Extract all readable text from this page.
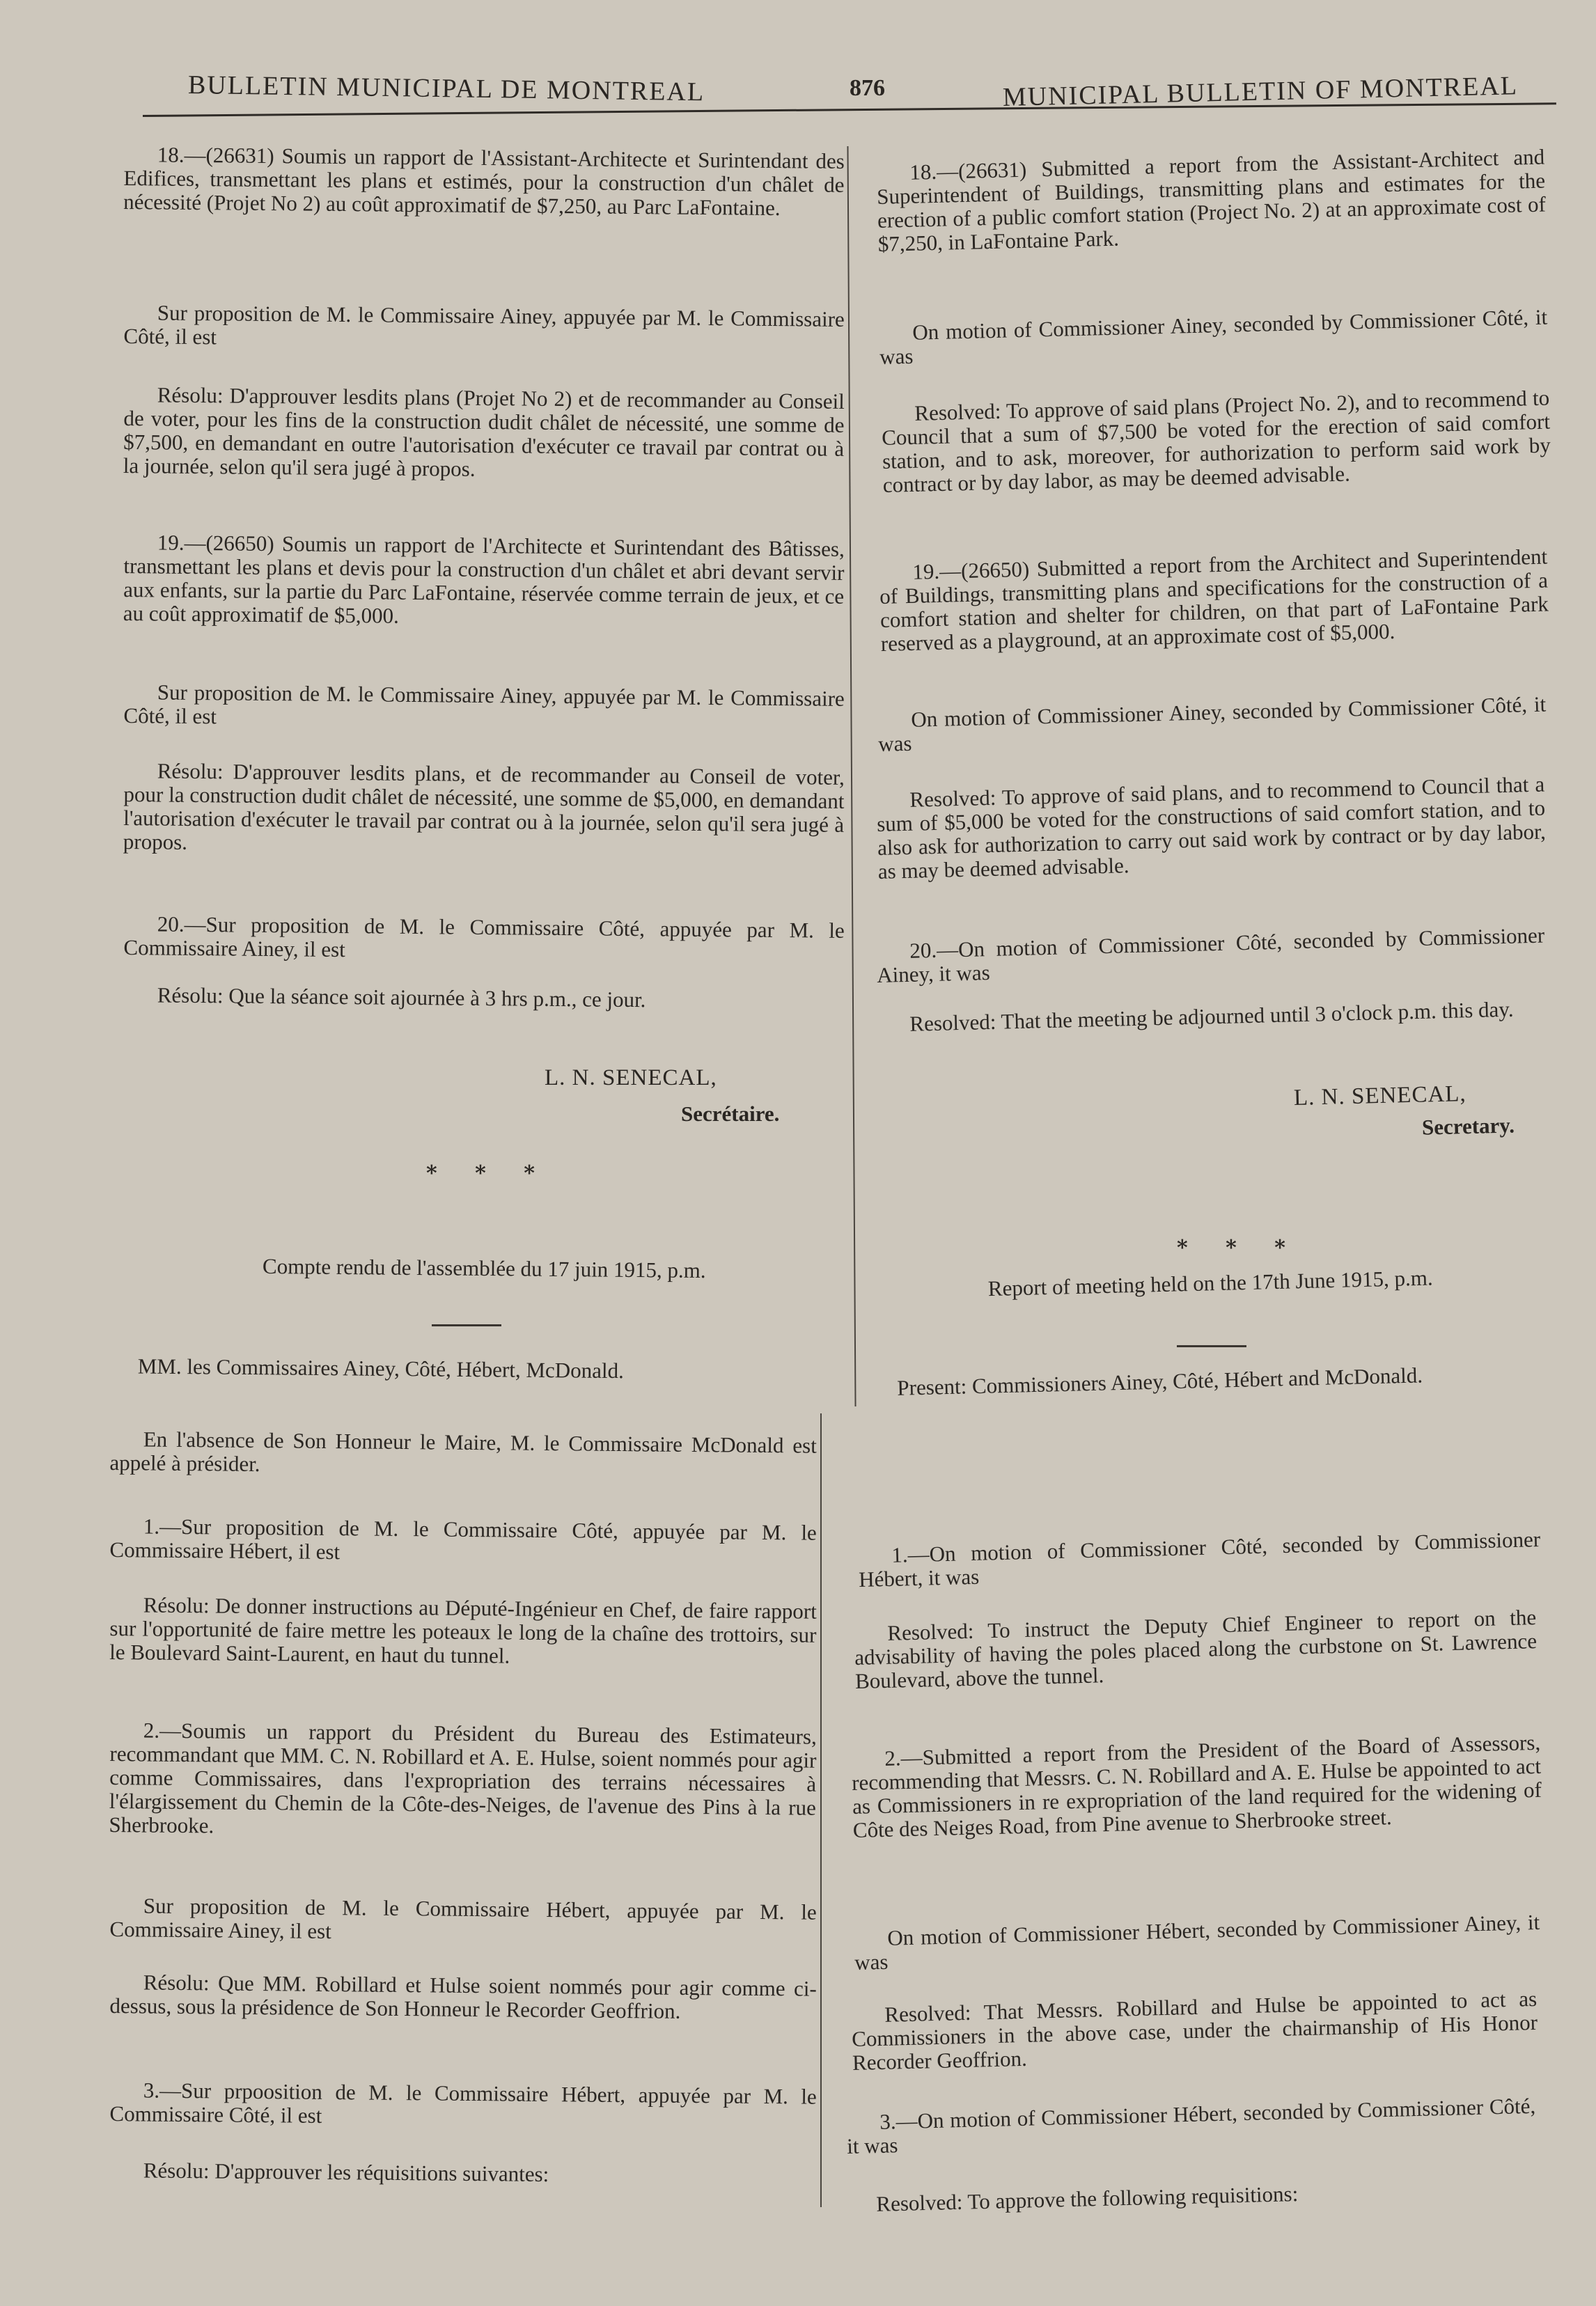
BULLETIN MUNICIPAL DE MONTREAL	876	MUNICIPAL BULLETIN OF MONTREAL
18.—(26631) Soumis un rapport de l'Assistant-Architecte et Surintendant des Edifices, transmettant les plans et estimés, pour la construction d'un châlet de nécessité (Projet No 2) au coût approximatif de $7,250, au Parc LaFontaine.
Sur proposition de M. le Commissaire Ainey, appuyée par M. le Commissaire Côté, il est
Résolu: D'approuver lesdits plans (Projet No 2) et de recommander au Conseil de voter, pour les fins de la construction dudit châlet de nécessité, une somme de $7,500, en demandant en outre l'autorisation d'exécuter ce travail par contrat ou à la journée, selon qu'il sera jugé à propos.
19.—(26650) Soumis un rapport de l'Architecte et Surintendant des Bâtisses, transmettant les plans et devis pour la construction d'un châlet et abri devant servir aux enfants, sur la partie du Parc LaFontaine, réservée comme terrain de jeux, et ce au coût approximatif de $5,000.
Sur proposition de M. le Commissaire Ainey, appuyée par M. le Commissaire Côté, il est
Résolu: D'approuver lesdits plans, et de recommander au Conseil de voter, pour la construction dudit châlet de nécessité, une somme de $5,000, en demandant l'autorisation d'exécuter le travail par contrat ou à la journée, selon qu'il sera jugé à propos.
20.—Sur proposition de M. le Commissaire Côté, appuyée par M. le Commissaire Ainey, il est
Résolu: Que la séance soit ajournée à 3 hrs p.m., ce jour.
L. N. SENECAL,
Secrétaire.
* * *
Compte rendu de l'assemblée du 17 juin 1915, p.m.
MM. les Commissaires Ainey, Côté, Hébert, McDonald.
En l'absence de Son Honneur le Maire, M. le Commissaire McDonald est appelé à présider.
1.—Sur proposition de M. le Commissaire Côté, appuyée par M. le Commissaire Hébert, il est
Résolu: De donner instructions au Député-Ingénieur en Chef, de faire rapport sur l'opportunité de faire mettre les poteaux le long de la chaîne des trottoirs, sur le Boulevard Saint-Laurent, en haut du tunnel.
2.—Soumis un rapport du Président du Bureau des Estimateurs, recommandant que MM. C. N. Robillard et A. E. Hulse, soient nommés pour agir comme Commissaires, dans l'expropriation des terrains nécessaires à l'élargissement du Chemin de la Côte-des-Neiges, de l'avenue des Pins à la rue Sherbrooke.
Sur proposition de M. le Commissaire Hébert, appuyée par M. le Commissaire Ainey, il est
Résolu: Que MM. Robillard et Hulse soient nommés pour agir comme ci-dessus, sous la présidence de Son Honneur le Recorder Geoffrion.
3.—Sur prpoosition de M. le Commissaire Hébert, appuyée par M. le Commissaire Côté, il est
Résolu: D'approuver les réquisitions suivantes:
18.—(26631) Submitted a report from the Assistant-Architect and Superintendent of Buildings, transmitting plans and estimates for the erection of a public comfort station (Project No. 2) at an approximate cost of $7,250, in LaFontaine Park.
On motion of Commissioner Ainey, seconded by Commissioner Côté, it was
Resolved: To approve of said plans (Project No. 2), and to recommend to Council that a sum of $7,500 be voted for the erection of said comfort station, and to ask, moreover, for authorization to perform said work by contract or by day labor, as may be deemed advisable.
19.—(26650) Submitted a report from the Architect and Superintendent of Buildings, transmitting plans and specifications for the construction of a comfort station and shelter for children, on that part of LaFontaine Park reserved as a playground, at an approximate cost of $5,000.
On motion of Commissioner Ainey, seconded by Commissioner Côté, it was
Resolved: To approve of said plans, and to recommend to Council that a sum of $5,000 be voted for the constructions of said comfort station, and to also ask for authorization to carry out said work by contract or by day labor, as may be deemed advisable.
20.—On motion of Commissioner Côté, seconded by Commissioner Ainey, it was
Resolved: That the meeting be adjourned until 3 o'clock p.m. this day.
L. N. SENECAL,
Secretary.
* * *
Report of meeting held on the 17th June 1915, p.m.
Present: Commissioners Ainey, Côté, Hébert and McDonald.
1.—On motion of Commissioner Côté, seconded by Commissioner Hébert, it was
Resolved: To instruct the Deputy Chief Engineer to report on the advisability of having the poles placed along the curbstone on St. Lawrence Boulevard, above the tunnel.
2.—Submitted a report from the President of the Board of Assessors, recommending that Messrs. C. N. Robillard and A. E. Hulse be appointed to act as Commissioners in re expropriation of the land required for the widening of Côte des Neiges Road, from Pine avenue to Sherbrooke street.
On motion of Commissioner Hébert, seconded by Commissioner Ainey, it was
Resolved: That Messrs. Robillard and Hulse be appointed to act as Commissioners in the above case, under the chairmanship of His Honor Recorder Geoffrion.
3.—On motion of Commissioner Hébert, seconded by Commissioner Côté, it was
Resolved: To approve the following requisitions:
